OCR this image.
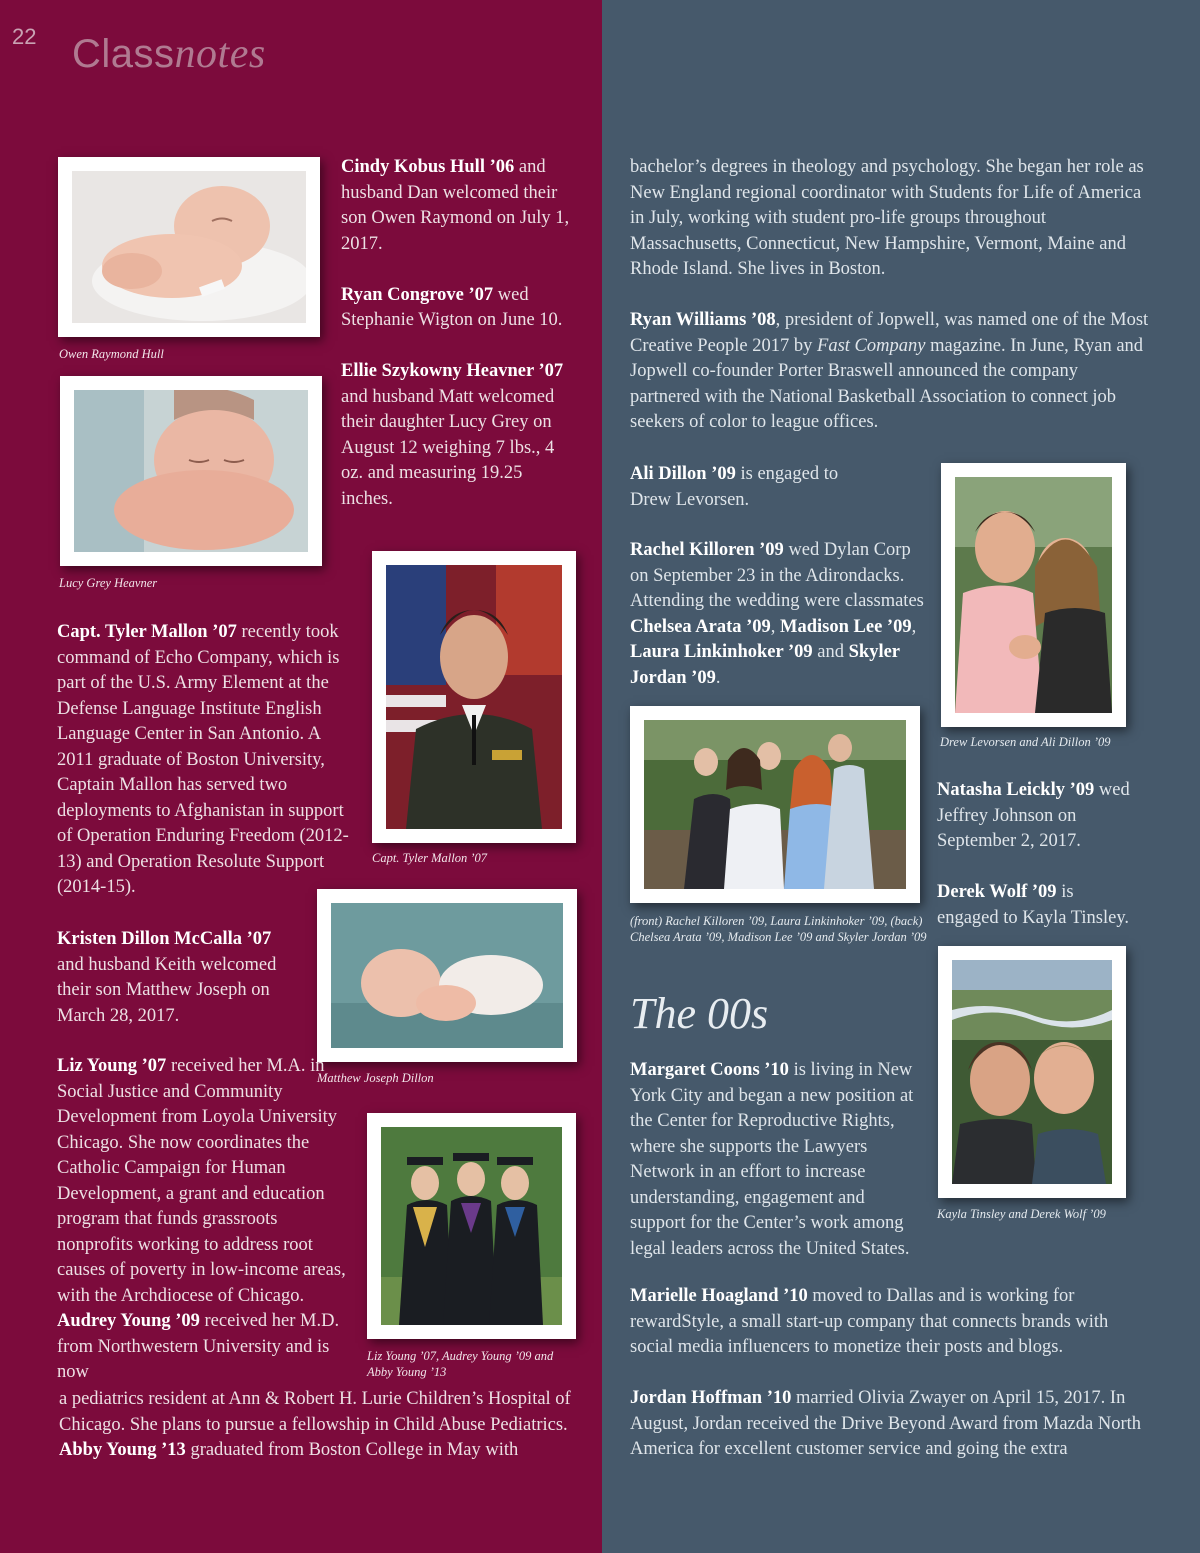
22 Classnotes
Owen Raymond Hull
Lucy Grey Heavner
Capt. Tyler Mallon ’07
Matthew Joseph Dillon
Liz Young ’07, Audrey Young ’09 and Abby Young ’13

Cindy Kobus Hull ’06 and husband Dan welcomed their son Owen Raymond on July 1, 2017.

Ryan Congrove ’07 wed Stephanie Wigton on June 10.

Ellie Szykowny Heavner ’07 and husband Matt welcomed their daughter Lucy Grey on August 12 weighing 7 lbs., 4 oz. and measuring 19.25 inches.

Capt. Tyler Mallon ’07 recently took command of Echo Company, which is part of the U.S. Army Element at the Defense Language Institute English Language Center in San Antonio. A 2011 graduate of Boston University, Captain Mallon has served two deployments to Afghanistan in support of Operation Enduring Freedom (2012-13) and Operation Resolute Support (2014-15).

Kristen Dillon McCalla ’07 and husband Keith welcomed their son Matthew Joseph on March 28, 2017.

Liz Young ’07 received her M.A. in Social Justice and Community Development from Loyola University Chicago. She now coordinates the Catholic Campaign for Human Development, a grant and education program that funds grassroots nonprofits working to address root causes of poverty in low-income areas, with the Archdiocese of Chicago. Audrey Young ’09 received her M.D. from Northwestern University and is now
a pediatrics resident at Ann & Robert H. Lurie Children’s Hospital of Chicago. She plans to pursue a fellowship in Child Abuse Pediatrics. Abby Young ’13 graduated from Boston College in May with

bachelor’s degrees in theology and psychology. She began her role as New England regional coordinator with Students for Life of America in July, working with student pro-life groups throughout Massachusetts, Connecticut, New Hampshire, Vermont, Maine and Rhode Island. She lives in Boston.

Ryan Williams ’08, president of Jopwell, was named one of the Most Creative People 2017 by Fast Company magazine. In June, Ryan and Jopwell co-founder Porter Braswell announced the company partnered with the National Basketball Association to connect job seekers of color to league offices.

Ali Dillon ’09 is engaged to Drew Levorsen.

Rachel Killoren ’09 wed Dylan Corp on September 23 in the Adirondacks. Attending the wedding were classmates Chelsea Arata ’09, Madison Lee ’09, Laura Linkinhoker ’09 and Skyler Jordan ’09.

Natasha Leickly ’09 wed Jeffrey Johnson on September 2, 2017.

Derek Wolf ’09 is engaged to Kayla Tinsley.

The 00s

Margaret Coons ’10 is living in New York City and began a new position at the Center for Reproductive Rights, where she supports the Lawyers Network in an effort to increase understanding, engagement and support for the Center’s work among legal leaders across the United States.

Marielle Hoagland ’10 moved to Dallas and is working for rewardStyle, a small start-up company that connects brands with social media influencers to monetize their posts and blogs.

Jordan Hoffman ’10 married Olivia Zwayer on April 15, 2017. In August, Jordan received the Drive Beyond Award from Mazda North America for excellent customer service and going the extra

Drew Levorsen and Ali Dillon ’09
(front) Rachel Killoren ’09, Laura Linkinhoker ’09, (back) Chelsea Arata ’09, Madison Lee ’09 and Skyler Jordan ’09
Kayla Tinsley and Derek Wolf ’09
